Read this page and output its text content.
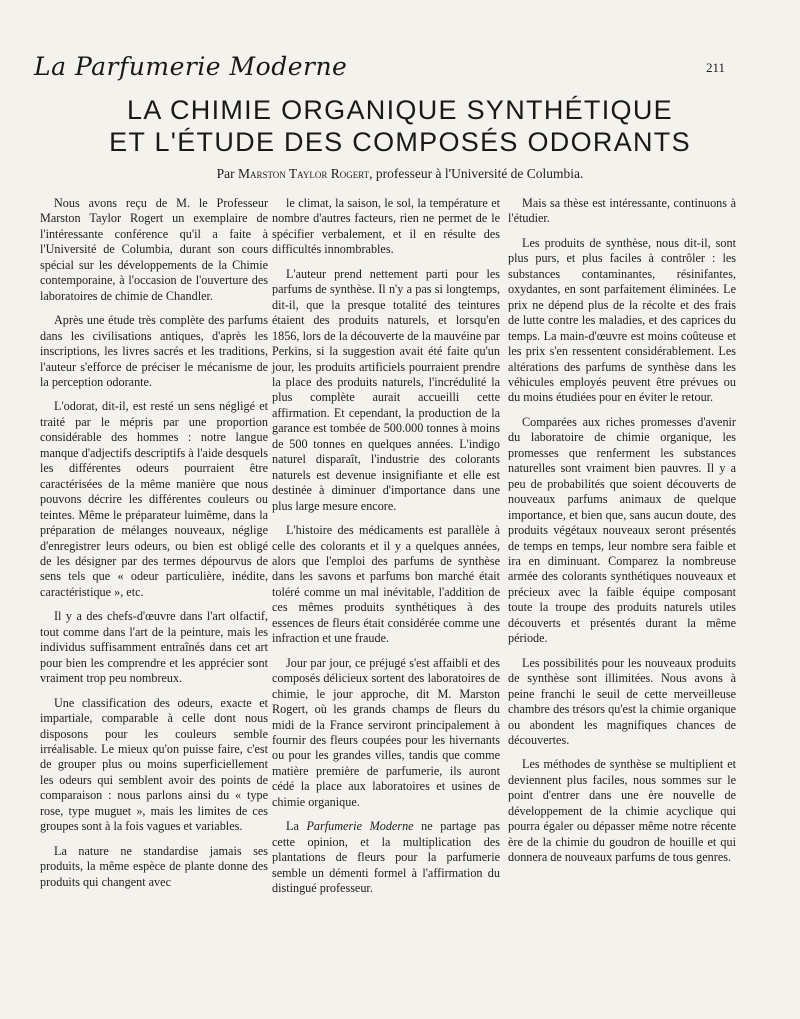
La Parfumerie Moderne	211
LA CHIMIE ORGANIQUE SYNTHÉTIQUE
ET L'ÉTUDE DES COMPOSÉS ODORANTS
Par Marston Taylor Rogert, professeur à l'Université de Columbia.

Nous avons reçu de M. le Professeur Marston Taylor Rogert un exemplaire de l'intéressante conférence qu'il a faite à l'Université de Columbia, durant son cours spécial sur les développements de la Chimie contemporaine, à l'occasion de l'ouverture des laboratoires de chimie de Chandler.

Après une étude très complète des parfums dans les civilisations antiques, d'après les inscriptions, les livres sacrés et les traditions, l'auteur s'efforce de préciser le mécanisme de la perception odorante.

L'odorat, dit-il, est resté un sens négligé et traité par le mépris par une proportion considérable des hommes : notre langue manque d'adjectifs descriptifs à l'aide desquels les différentes odeurs pourraient être caractérisées de la même manière que nous pouvons décrire les différentes couleurs ou teintes. Même le préparateur luimême, dans la préparation de mélanges nouveaux, néglige d'enregistrer leurs odeurs, ou bien est obligé de les désigner par des termes dépourvus de sens tels que « odeur particulière, inédite, caractéristique », etc.

Il y a des chefs-d'œuvre dans l'art olfactif, tout comme dans l'art de la peinture, mais les individus suffisamment entraînés dans cet art pour bien les comprendre et les apprécier sont vraiment trop peu nombreux.

Une classification des odeurs, exacte et impartiale, comparable à celle dont nous disposons pour les couleurs semble irréalisable. Le mieux qu'on puisse faire, c'est de grouper plus ou moins superficiellement les odeurs qui semblent avoir des points de comparaison : nous parlons ainsi du « type rose, type muguet », mais les limites de ces groupes sont à la fois vagues et variables.

La nature ne standardise jamais ses produits, la même espèce de plante donne des produits qui changent avec

le climat, la saison, le sol, la température et nombre d'autres facteurs, rien ne permet de le spécifier verbalement, et il en résulte des difficultés innombrables.

L'auteur prend nettement parti pour les parfums de synthèse. Il n'y a pas si longtemps, dit-il, que la presque totalité des teintures étaient des produits naturels, et lorsqu'en 1856, lors de la découverte de la mauvéine par Perkins, si la suggestion avait été faite qu'un jour, les produits artificiels pourraient prendre la place des produits naturels, l'incrédulité la plus complète aurait accueilli cette affirmation. Et cependant, la production de la garance est tombée de 500.000 tonnes à moins de 500 tonnes en quelques années. L'indigo naturel disparaît, l'industrie des colorants naturels est devenue insignifiante et elle est destinée à diminuer d'importance dans une plus large mesure encore.

L'histoire des médicaments est parallèle à celle des colorants et il y a quelques années, alors que l'emploi des parfums de synthèse dans les savons et parfums bon marché était toléré comme un mal inévitable, l'addition de ces mêmes produits synthétiques à des essences de fleurs était considérée comme une infraction et une fraude.

Jour par jour, ce préjugé s'est affaibli et des composés délicieux sortent des laboratoires de chimie, le jour approche, dit M. Marston Rogert, où les grands champs de fleurs du midi de la France serviront principalement à fournir des fleurs coupées pour les hivernants ou pour les grandes villes, tandis que comme matière première de parfumerie, ils auront cédé la place aux laboratoires et usines de chimie organique.

La Parfumerie Moderne ne partage pas cette opinion, et la multiplication des plantations de fleurs pour la parfumerie semble un démenti formel à l'affirmation du distingué professeur.

Mais sa thèse est intéressante, continuons à l'étudier.

Les produits de synthèse, nous dit-il, sont plus purs, et plus faciles à contrôler : les substances contaminantes, résinifantes, oxydantes, en sont parfaitement éliminées. Le prix ne dépend plus de la récolte et des frais de lutte contre les maladies, et des caprices du temps. La main-d'œuvre est moins coûteuse et les prix s'en ressentent considérablement. Les altérations des parfums de synthèse dans les véhicules employés peuvent être prévues ou du moins étudiées pour en éviter le retour.

Comparées aux riches promesses d'avenir du laboratoire de chimie organique, les promesses que renferment les substances naturelles sont vraiment bien pauvres. Il y a peu de probabilités que soient découverts de nouveaux parfums animaux de quelque importance, et bien que, sans aucun doute, des produits végétaux nouveaux seront présentés de temps en temps, leur nombre sera faible et ira en diminuant. Comparez la nombreuse armée des colorants synthétiques nouveaux et précieux avec la faible équipe composant toute la troupe des produits naturels utiles découverts et présentés durant la même période.

Les possibilités pour les nouveaux produits de synthèse sont illimitées. Nous avons à peine franchi le seuil de cette merveilleuse chambre des trésors qu'est la chimie organique ou abondent les magnifiques chances de découvertes.

Les méthodes de synthèse se multiplient et deviennent plus faciles, nous sommes sur le point d'entrer dans une ère nouvelle de développement de la chimie acyclique qui pourra égaler ou dépasser même notre récente ère de la chimie du goudron de houille et qui donnera de nouveaux parfums de tous genres.
